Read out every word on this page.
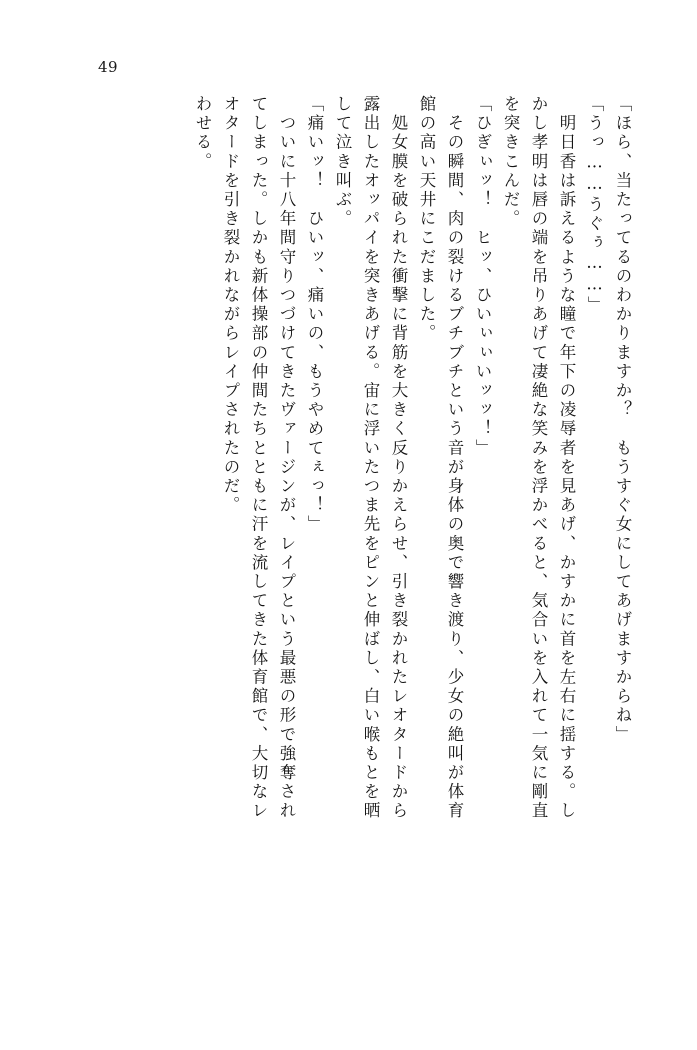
49
「ほら、当たってるのわかりますか？　もうすぐ女にしてあげますからね」
「うっ……うぐぅ……」
　明日香は訴えるような瞳で年下の凌辱者を見あげ、かすかに首を左右に揺する。し
かし孝明は唇の端を吊りあげて凄絶な笑みを浮かべると、気合いを入れて一気に剛直
を突きこんだ。
「ひぎぃッ！　ヒッ、ひいぃぃいッッ！」
　その瞬間、肉の裂けるブチブチという音が身体の奥で響き渡り、少女の絶叫が体育
館の高い天井にこだました。
　処女膜を破られた衝撃に背筋を大きく反りかえらせ、引き裂かれたレオタードから
露出したオッパイを突きあげる。宙に浮いたつま先をピンと伸ばし、白い喉もとを晒
して泣き叫ぶ。
「痛いッ！　ひいッ、痛いの、もうやめてぇっ！」
　ついに十八年間守りつづけてきたヴァージンが、レイプという最悪の形で強奪され
てしまった。しかも新体操部の仲間たちとともに汗を流してきた体育館で、大切なレ
オタードを引き裂かれながらレイプされたのだ。
わせる。
